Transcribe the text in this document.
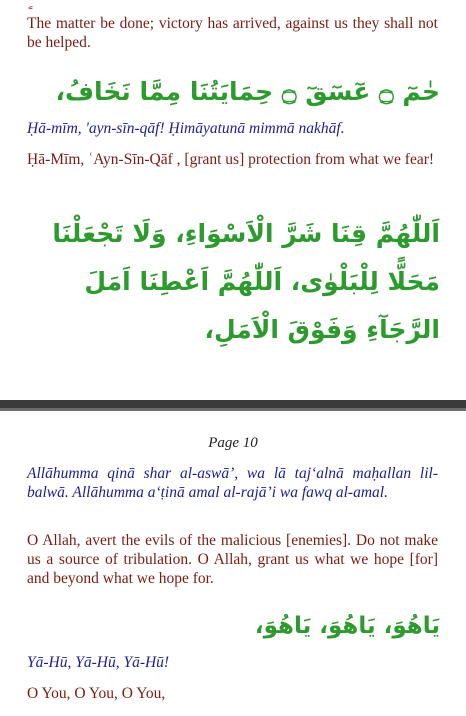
The matter be done; victory has arrived, against us they shall not be helped.
حٰمٓ ۝ عٓسٓقٓ ۝ حِمَايَتُنَا مِمَّا نَخَافُ،
Ḥā-mīm, 'ayn-sīn-qāf! Ḥimāyatunā mimmā nakhāf.
Ḥā-Mīm, ʿAyn-Sīn-Qāf , [grant us] protection from what we fear!
اَللّٰهُمَّ قِنَا شَرَّ الْاَسْوَاءِ، وَلَا تَجْعَلْنَا مَحَلًّا لِلْبَلْوٰى، اَللّٰهُمَّ اَعْطِنَا اَمَلَ الرَّجَآءِ وَفَوْقَ الْاَمَلِ،
Page 10
Allāhumma qinā shar al-aswā’, wa lā taj‘alnā maḥallan lil-balwā. Allāhumma a‘ṭinā amal al-rajā’i wa fawq al-amal.
O Allah, avert the evils of the malicious [enemies]. Do not make us a source of tribulation. O Allah, grant us what we hope [for] and beyond what we hope for.
يَاهُوَ، يَاهُوَ، يَاهُوَ،
Yā-Hū, Yā-Hū, Yā-Hū!
O You, O You, O You,
